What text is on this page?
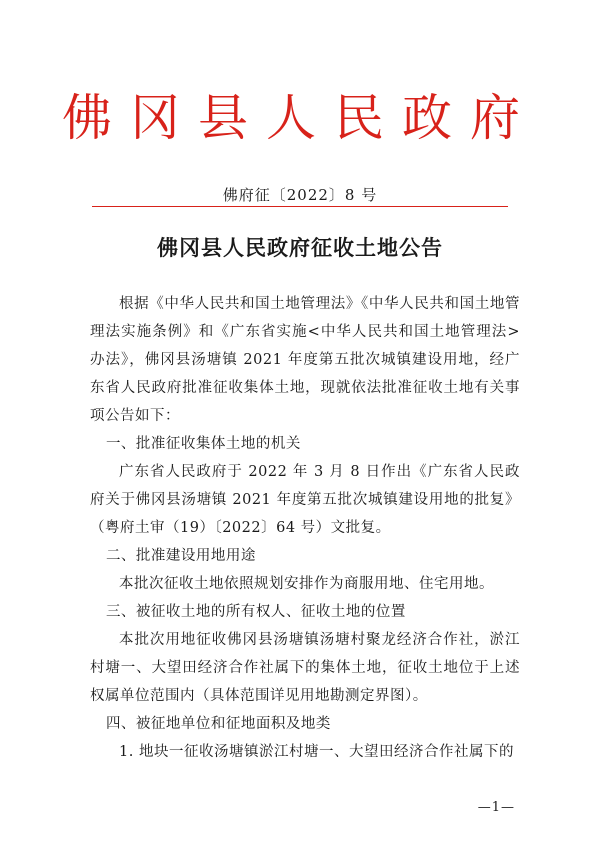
佛冈县人民政府
佛府征〔2022〕8 号
佛冈县人民政府征收土地公告

根据《中华人民共和国土地管理法》《中华人民共和国土地管理法实施条例》和《广东省实施<中华人民共和国土地管理法>办法》，佛冈县汤塘镇 2021 年度第五批次城镇建设用地，经广东省人民政府批准征收集体土地，现就依法批准征收土地有关事项公告如下：

一、批准征收集体土地的机关

广东省人民政府于 2022 年 3 月 8 日作出《广东省人民政府关于佛冈县汤塘镇 2021 年度第五批次城镇建设用地的批复》（粤府土审（19）〔2022〕64 号）文批复。

二、批准建设用地用途

本批次征收土地依照规划安排作为商服用地、住宅用地。

三、被征收土地的所有权人、征收土地的位置

本批次用地征收佛冈县汤塘镇汤塘村聚龙经济合作社，淤江村塘一、大望田经济合作社属下的集体土地，征收土地位于上述权属单位范围内（具体范围详见用地勘测定界图）。

四、被征地单位和征地面积及地类

1. 地块一征收汤塘镇淤江村塘一、大望田经济合作社属下的

—1—
